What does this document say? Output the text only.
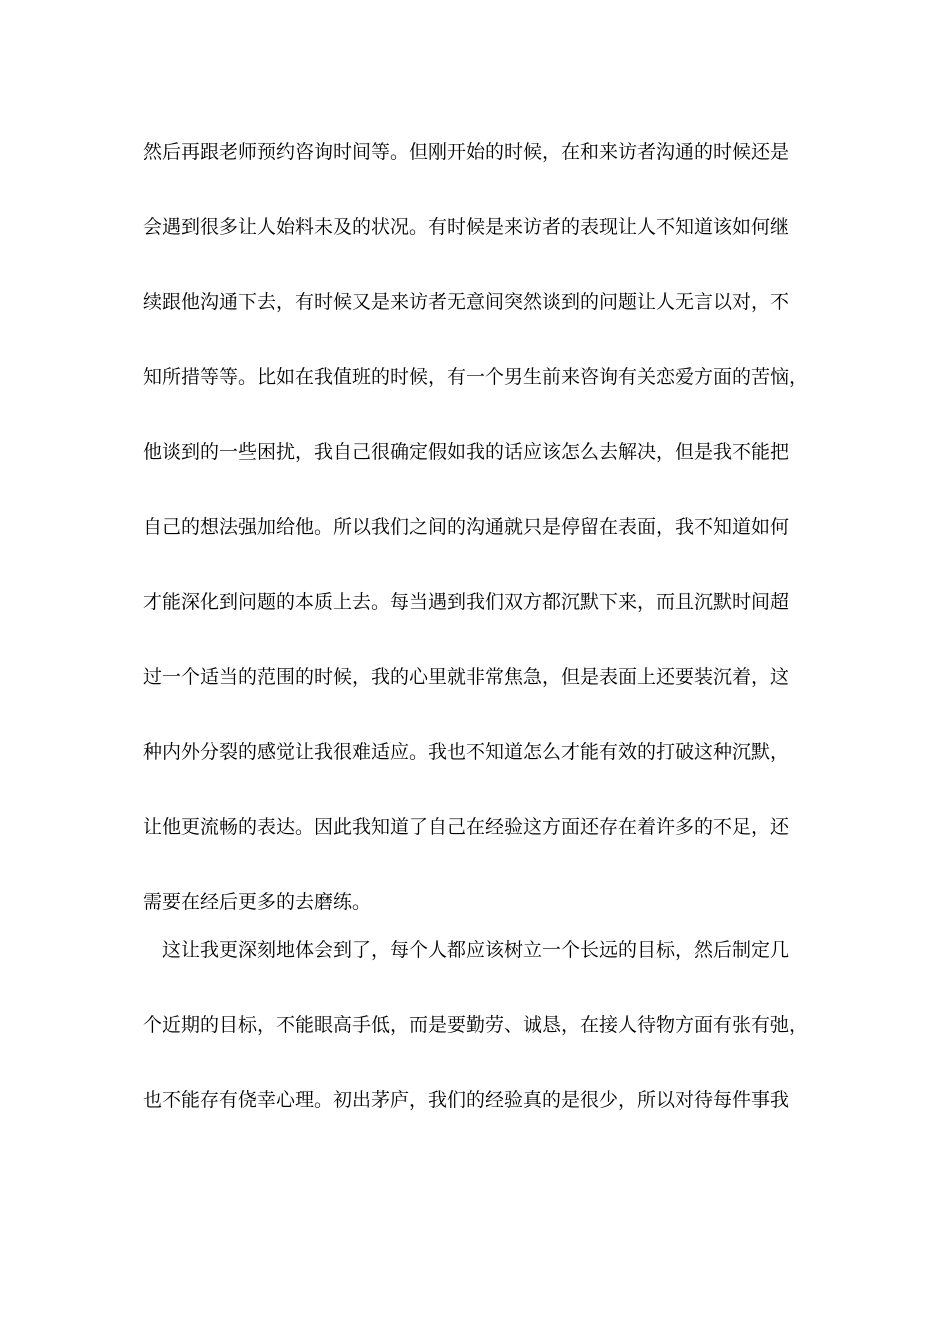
然后再跟老师预约咨询时间等。但刚开始的时候，在和来访者沟通的时候还是
会遇到很多让人始料未及的状况。有时候是来访者的表现让人不知道该如何继
续跟他沟通下去，有时候又是来访者无意间突然谈到的问题让人无言以对，不
知所措等等。比如在我值班的时候，有一个男生前来咨询有关恋爱方面的苦恼，
他谈到的一些困扰，我自己很确定假如我的话应该怎么去解决，但是我不能把
自己的想法强加给他。所以我们之间的沟通就只是停留在表面，我不知道如何
才能深化到问题的本质上去。每当遇到我们双方都沉默下来，而且沉默时间超
过一个适当的范围的时候，我的心里就非常焦急，但是表面上还要装沉着，这
种内外分裂的感觉让我很难适应。我也不知道怎么才能有效的打破这种沉默，
让他更流畅的表达。因此我知道了自己在经验这方面还存在着许多的不足，还
需要在经后更多的去磨练。
这让我更深刻地体会到了，每个人都应该树立一个长远的目标，然后制定几
个近期的目标，不能眼高手低，而是要勤劳、诚恳，在接人待物方面有张有弛，
也不能存有侥幸心理。初出茅庐，我们的经验真的是很少，所以对待每件事我
